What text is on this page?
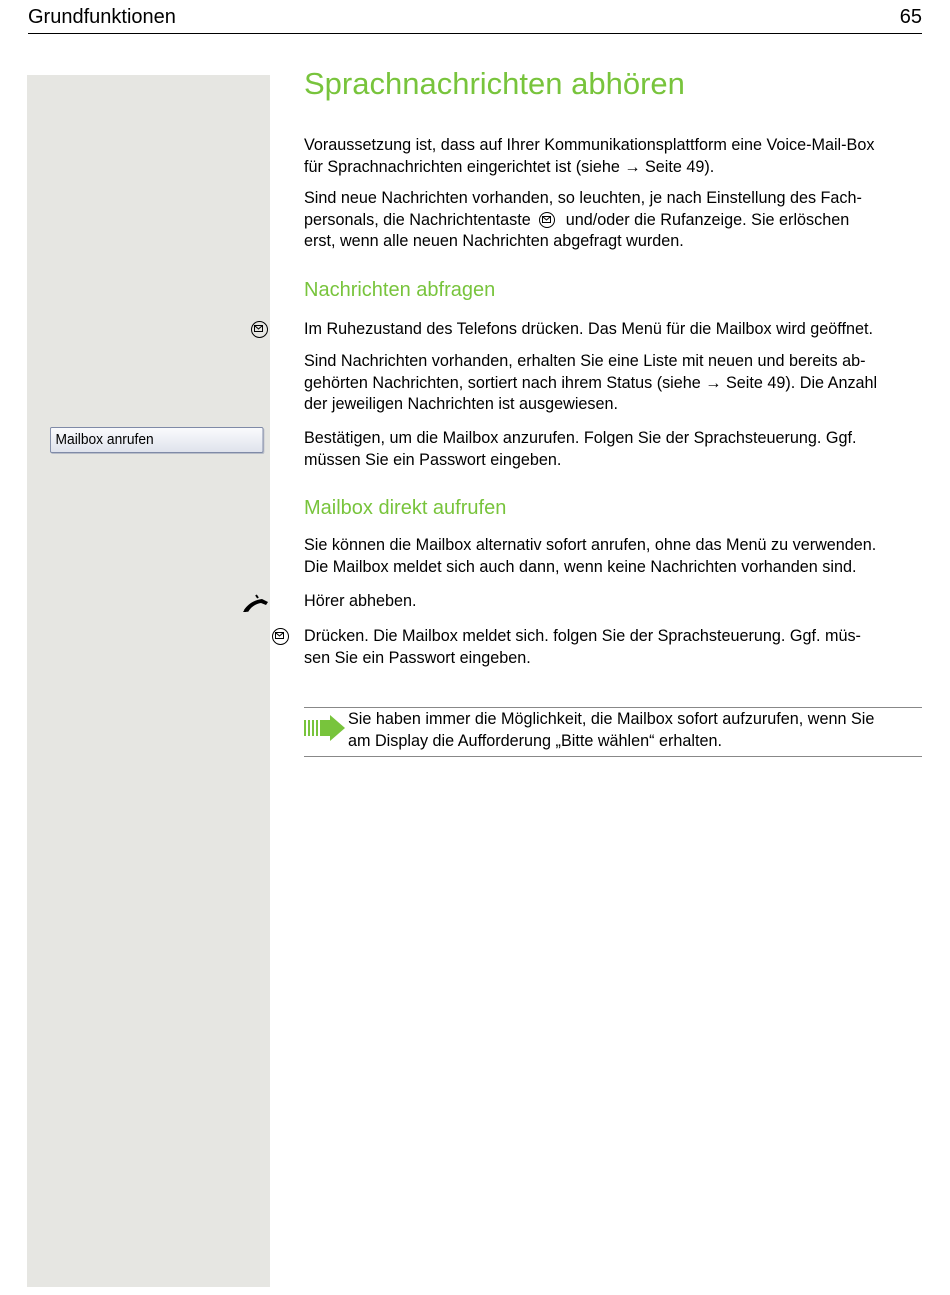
Grundfunktionen	65
Mailbox anrufen
Sprachnachrichten abhören

Voraussetzung ist, dass auf Ihrer Kommunikationsplattform eine Voice-Mail-Box

für Sprachnachrichten eingerichtet ist (siehe → Seite 49).

Sind neue Nachrichten vorhanden, so leuchten, je nach Einstellung des Fach-

personals, die Nachrichtentaste und/oder die Rufanzeige. Sie erlöschen

erst, wenn alle neuen Nachrichten abgefragt wurden.

Nachrichten abfragen

Im Ruhezustand des Telefons drücken. Das Menü für die Mailbox wird geöffnet.

Sind Nachrichten vorhanden, erhalten Sie eine Liste mit neuen und bereits ab-

gehörten Nachrichten, sortiert nach ihrem Status (siehe → Seite 49). Die Anzahl

der jeweiligen Nachrichten ist ausgewiesen.

Bestätigen, um die Mailbox anzurufen. Folgen Sie der Sprachsteuerung. Ggf.

müssen Sie ein Passwort eingeben.

Mailbox direkt aufrufen

Sie können die Mailbox alternativ sofort anrufen, ohne das Menü zu verwenden.

Die Mailbox meldet sich auch dann, wenn keine Nachrichten vorhanden sind.

Hörer abheben.

Drücken. Die Mailbox meldet sich. folgen Sie der Sprachsteuerung. Ggf. müs-

sen Sie ein Passwort eingeben.

Sie haben immer die Möglichkeit, die Mailbox sofort aufzurufen, wenn Sie

am Display die Aufforderung „Bitte wählen“ erhalten.
